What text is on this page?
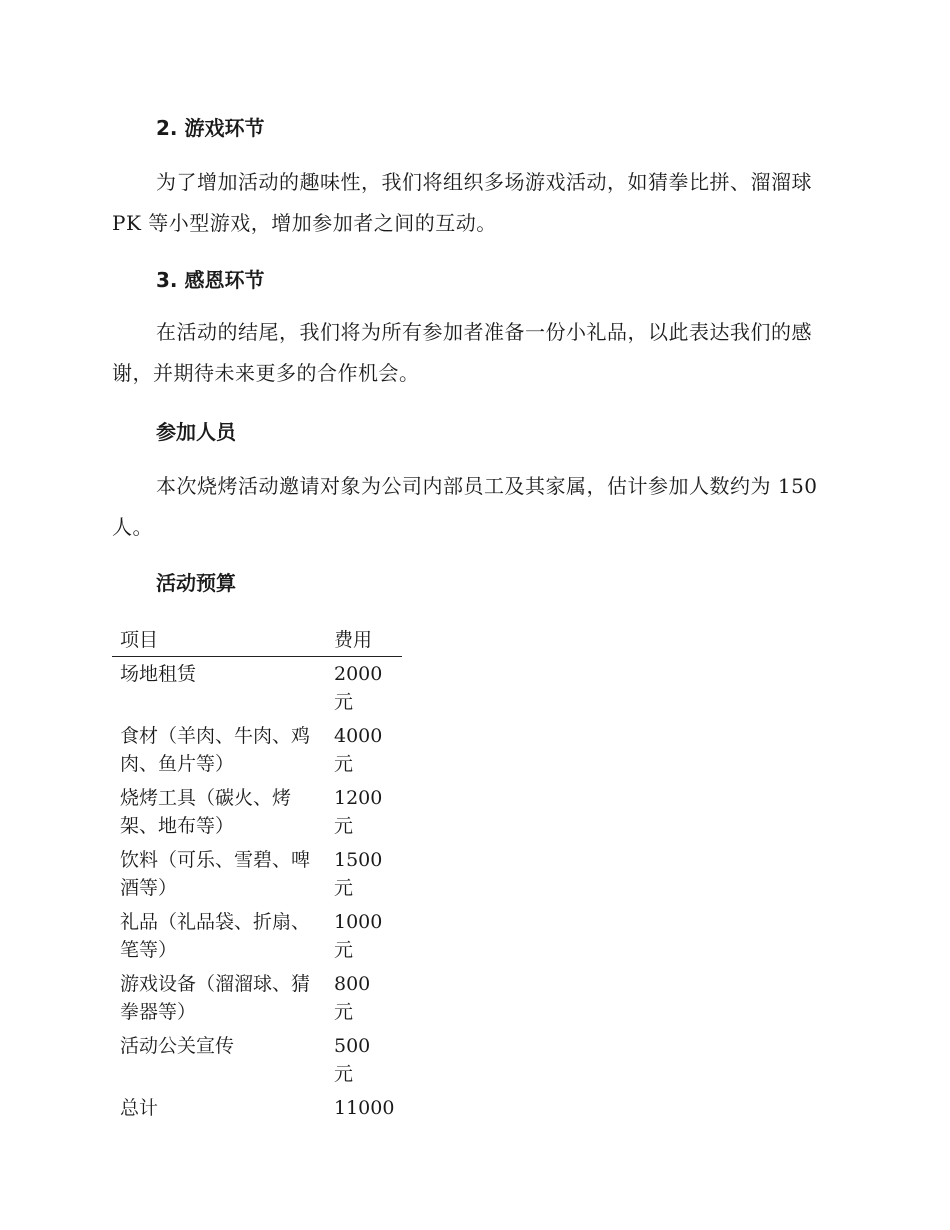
2. 游戏环节

为了增加活动的趣味性，我们将组织多场游戏活动，如猜拳比拼、溜溜球 PK 等小型游戏，增加参加者之间的互动。

3. 感恩环节

在活动的结尾，我们将为所有参加者准备一份小礼品，以此表达我们的感谢，并期待未来更多的合作机会。

参加人员

本次烧烤活动邀请对象为公司内部员工及其家属，估计参加人数约为 150 人。

活动预算
项目	费用
场地租赁	2000 元
食材（羊肉、牛肉、鸡肉、鱼片等）	4000 元
烧烤工具（碳火、烤架、地布等）	1200 元
饮料（可乐、雪碧、啤酒等）	1500 元
礼品（礼品袋、折扇、笔等）	1000 元
游戏设备（溜溜球、猜拳器等）	800 元
活动公关宣传	500 元
总计	11000
